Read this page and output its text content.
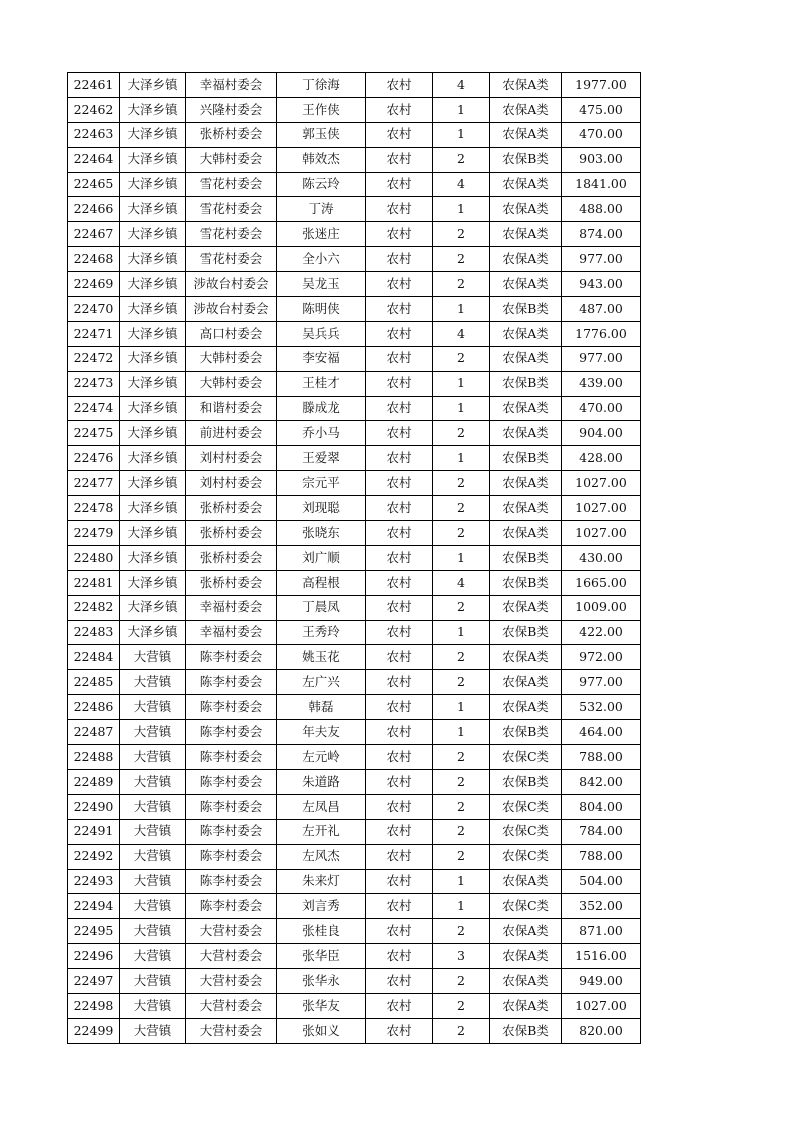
22461	大泽乡镇	幸福村委会	丁徐海	农村	4	农保A类	1977.00
22462	大泽乡镇	兴隆村委会	王作侠	农村	1	农保A类	475.00
22463	大泽乡镇	张桥村委会	郭玉侠	农村	1	农保A类	470.00
22464	大泽乡镇	大韩村委会	韩效杰	农村	2	农保B类	903.00
22465	大泽乡镇	雪花村委会	陈云玲	农村	4	农保A类	1841.00
22466	大泽乡镇	雪花村委会	丁涛	农村	1	农保A类	488.00
22467	大泽乡镇	雪花村委会	张迷庄	农村	2	农保A类	874.00
22468	大泽乡镇	雪花村委会	全小六	农村	2	农保A类	977.00
22469	大泽乡镇	涉故台村委会	吴龙玉	农村	2	农保A类	943.00
22470	大泽乡镇	涉故台村委会	陈明侠	农村	1	农保B类	487.00
22471	大泽乡镇	高口村委会	吴兵兵	农村	4	农保A类	1776.00
22472	大泽乡镇	大韩村委会	李安福	农村	2	农保A类	977.00
22473	大泽乡镇	大韩村委会	王桂才	农村	1	农保B类	439.00
22474	大泽乡镇	和谐村委会	滕成龙	农村	1	农保A类	470.00
22475	大泽乡镇	前进村委会	乔小马	农村	2	农保A类	904.00
22476	大泽乡镇	刘村村委会	王爱翠	农村	1	农保B类	428.00
22477	大泽乡镇	刘村村委会	宗元平	农村	2	农保A类	1027.00
22478	大泽乡镇	张桥村委会	刘现聪	农村	2	农保A类	1027.00
22479	大泽乡镇	张桥村委会	张晓东	农村	2	农保A类	1027.00
22480	大泽乡镇	张桥村委会	刘广顺	农村	1	农保B类	430.00
22481	大泽乡镇	张桥村委会	高程根	农村	4	农保B类	1665.00
22482	大泽乡镇	幸福村委会	丁晨凤	农村	2	农保A类	1009.00
22483	大泽乡镇	幸福村委会	王秀玲	农村	1	农保B类	422.00
22484	大营镇	陈李村委会	姚玉花	农村	2	农保A类	972.00
22485	大营镇	陈李村委会	左广兴	农村	2	农保A类	977.00
22486	大营镇	陈李村委会	韩磊	农村	1	农保A类	532.00
22487	大营镇	陈李村委会	年夫友	农村	1	农保B类	464.00
22488	大营镇	陈李村委会	左元岭	农村	2	农保C类	788.00
22489	大营镇	陈李村委会	朱道路	农村	2	农保B类	842.00
22490	大营镇	陈李村委会	左凤昌	农村	2	农保C类	804.00
22491	大营镇	陈李村委会	左开礼	农村	2	农保C类	784.00
22492	大营镇	陈李村委会	左风杰	农村	2	农保C类	788.00
22493	大营镇	陈李村委会	朱来灯	农村	1	农保A类	504.00
22494	大营镇	陈李村委会	刘言秀	农村	1	农保C类	352.00
22495	大营镇	大营村委会	张桂良	农村	2	农保A类	871.00
22496	大营镇	大营村委会	张华臣	农村	3	农保A类	1516.00
22497	大营镇	大营村委会	张华永	农村	2	农保A类	949.00
22498	大营镇	大营村委会	张华友	农村	2	农保A类	1027.00
22499	大营镇	大营村委会	张如义	农村	2	农保B类	820.00
